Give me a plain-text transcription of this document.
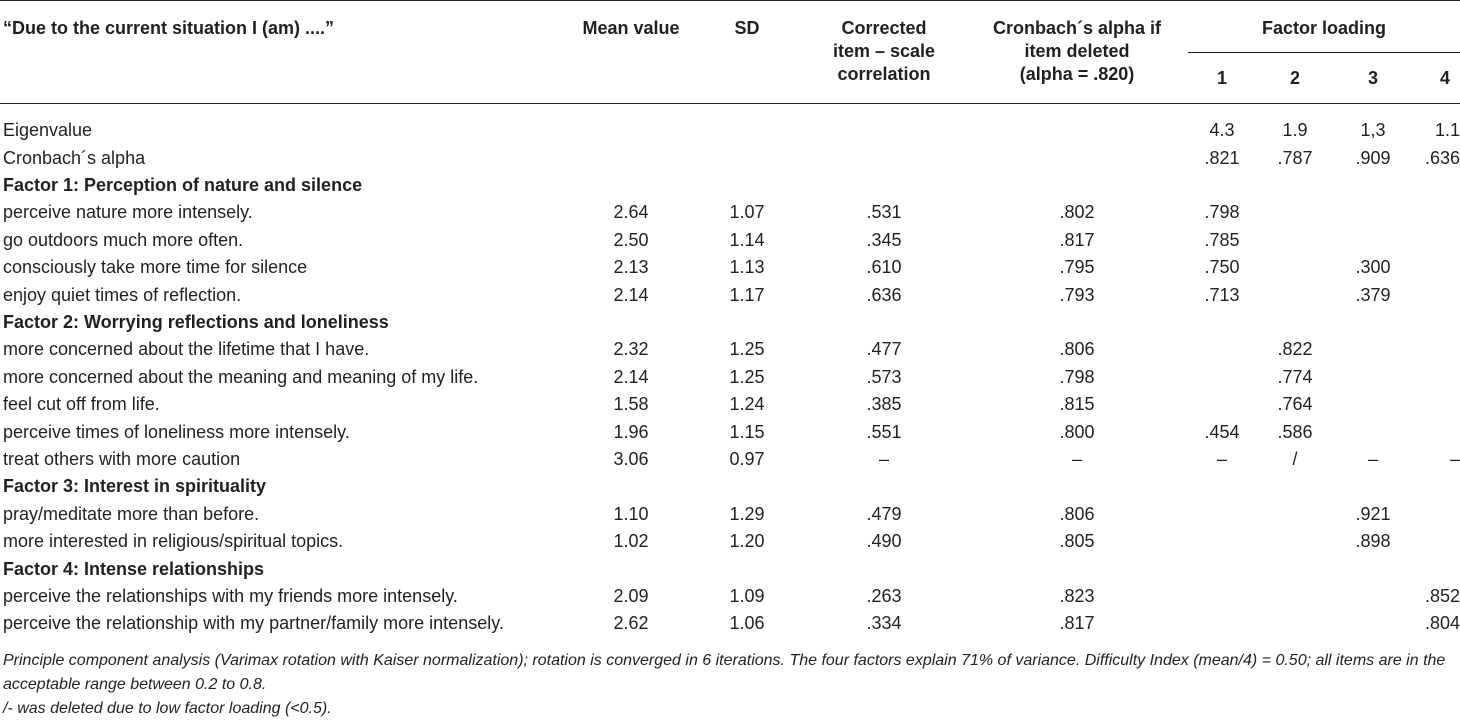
“Due to the current situation I (am) ....”	Mean value	SD	Corrected
item – scale
correlation	Cronbach´s alpha if
item deleted
(alpha = .820)	Factor loading			
					1	2	3	4
Eigenvalue					4.3	1.9	1,3	1.1
Cronbach´s alpha					.821	.787	.909	.636
Factor 1: Perception of nature and silence								
perceive nature more intensely.	2.64	1.07	.531	.802	.798			
go outdoors much more often.	2.50	1.14	.345	.817	.785			
consciously take more time for silence	2.13	1.13	.610	.795	.750		.300	
enjoy quiet times of reflection.	2.14	1.17	.636	.793	.713		.379	
Factor 2: Worrying reflections and loneliness								
more concerned about the lifetime that I have.	2.32	1.25	.477	.806		.822		
more concerned about the meaning and meaning of my life.	2.14	1.25	.573	.798		.774		
feel cut off from life.	1.58	1.24	.385	.815		.764		
perceive times of loneliness more intensely.	1.96	1.15	.551	.800	.454	.586		
treat others with more caution	3.06	0.97	–	–	–	/	–	–
Factor 3: Interest in spirituality								
pray/meditate more than before.	1.10	1.29	.479	.806			.921	
more interested in religious/spiritual topics.	1.02	1.20	.490	.805			.898	
Factor 4: Intense relationships								
perceive the relationships with my friends more intensely.	2.09	1.09	.263	.823				.852
perceive the relationship with my partner/family more intensely.	2.62	1.06	.334	.817				.804

Principle component analysis (Varimax rotation with Kaiser normalization); rotation is converged in 6 iterations. The four factors explain 71% of variance. Difficulty Index (mean/4) = 0.50; all items are in the acceptable range between 0.2 to 0.8.

/- was deleted due to low factor loading (<0.5).
